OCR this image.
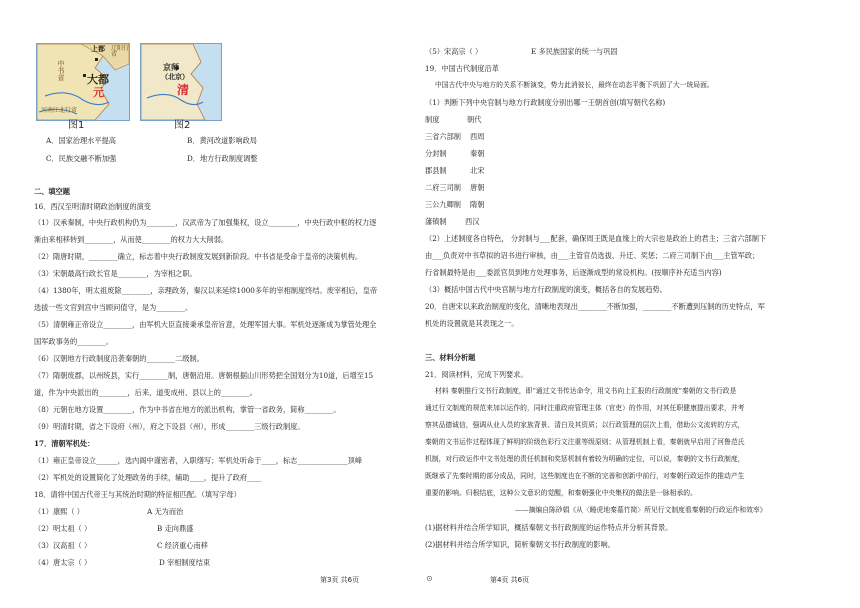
上都
中书省 大都
元
辽阳行省
河南江北行省
图1
京师
（北京）
清
图2
A．国家治理水平提高	B．黄河改道影响政局
C．民族交融不断加强	D．地方行政制度调整
二、填空题
16．西汉至明清时期政治制度的演变
（1）汉承秦制，中央行政机构仍为________，汉武帝为了加强集权，设立________，中央行政中枢的权力逐
渐由来相移转到________，从而使________的权力大大削弱。
（2）隋唐时期，________确立，标志着中央行政制度发展到新阶段。中书省是受命于皇帝的决策机构。
（3）宋朝最高行政长官是________，为宰相之职。
（4）1380年，明太祖废除________，亲理政务，秦汉以来延续1000多年的宰相制度终结。废宰相后，皇帝
选拔一些文官到宫中当顾问值守，是为________。
（5）清朝雍正帝设立________，由军机大臣直接秉承皇帝旨意，处理军国大事。军机处逐渐成为掌管处理全
国军政事务的________。
（6）汉朝地方行政制度沿袭秦朝的________二级制。
（7）隋朝废郡，以州统县，实行________制，唐朝沿用。唐朝根据山川形势把全国划分为10道，后增至15
道，作为中央派出的________，后来，道变成州、县以上的________。
（8）元朝在地方设置________，作为中书省在地方的派出机构，掌管一省政务，简称________。
（9）明清时期，省之下设府（州），府之下设县（州），形成________三级行政制度。
17．清朝军机处：
（1）雍正皇帝设立______，选内阁中谨密者，入职缮写；军机处听命于____，标志______________顶峰
（2）军机处的设置简化了处理政务的手续，辅助____，提升了政府____
18．请将中国古代帝王与其统治时期的特征相匹配。（填写字母）
（1）康熙（ ）	A 无为而治
（2）明太祖（ ）	B 走向鼎盛
（3）汉高祖（ ）	C 经济重心南移
（4）唐太宗（ ）	D 宰相制度结束
（5）宋高宗（ ）	E 多民族国家的统一与巩固
19．中国古代制度沿革
中国古代中央与地方的关系不断演变，势力此消彼长，最终在动态平衡下巩固了大一统局面。
（1）判断下列中央官制与地方行政制度分别出哪一王朝首创(填写朝代名称)
制度	朝代
三省六部制 西周
分封制	秦朝
郡县制	北宋
二府三司制 唐朝
三公九卿制 隋朝
藩镇制	西汉
（2）上述制度各自特色， 分封制与___配套，确保周王既是血缘上的大宗也是政治上的君主；三省六部制下
由___负责对中书草拟的诏书进行审核，由___主管官员选拔、升迁、奖惩；二府三司制下由___主管军政；
行省制最特是由___委派官员到地方处理事务，后逐渐成型的常设机构。(按顺序补充适当内容)
（3）概括中国古代中央官制与地方行政制度的演变，概括各自的发展趋势。
20．自唐宋以来政治制度的变化，清晰地表现出________不断加强，________不断遭到压制的历史特点，军
机处的设置就是其表现之一。
三、材料分析题
21．阅读材料，完成下列要求。
材料 秦朝推行文书行政制度，即“通过文书传达命令，用文书向上汇报的行政制度”秦朝的文书行政是
通过行文制度的规范来加以运作的，同时注重政府管理主体（官吏）的作用，对其任职健康提出要求，并考
察其品德诚信，强调从业人员的家族背景、清白及其资质；以行政管理的层次上看，借助公文流转的方式，
秦朝的文书运作过程体现了鲜明的阶级色彩行文注重等级原则；从管理机制上看，秦朝就早启用了河鲁范氏
机制，对行政运作中文书处理的责任机制和奖惩机制有着较为明确的定位，可以说，秦朝的文书行政制度，
既继承了先秦时期的部分成品，同时，这些制度也在不断的完善和创新中前行，对秦朝行政运作的推动产生
重要的影响。归根结底，这种公文意识的觉醒，和秦朝强化中央集权的做法是一脉相承的。
——摘编自陈砂娟《从〈睡虎地秦墓竹简〉所见行文制度看秦朝的行政运作和效率》
(1)据材料并结合所学知识，概括秦朝文书行政制度的运作特点并分析其背景。
(2)据材料并结合所学知识，简析秦朝文书行政制度的影响。
第3页 共6页	⊙	第4页 共6页
